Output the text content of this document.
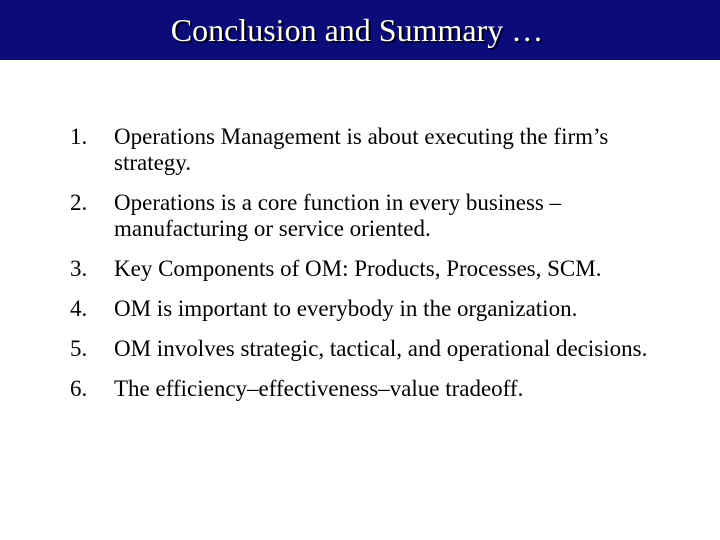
Conclusion and Summary …
1. Operations Management is about executing the firm’s strategy.
2. Operations is a core function in every business – manufacturing or service oriented.
3. Key Components of OM: Products, Processes, SCM.
4. OM is important to everybody in the organization.
5. OM involves strategic, tactical, and operational decisions.
6. The efficiency–effectiveness–value tradeoff.
